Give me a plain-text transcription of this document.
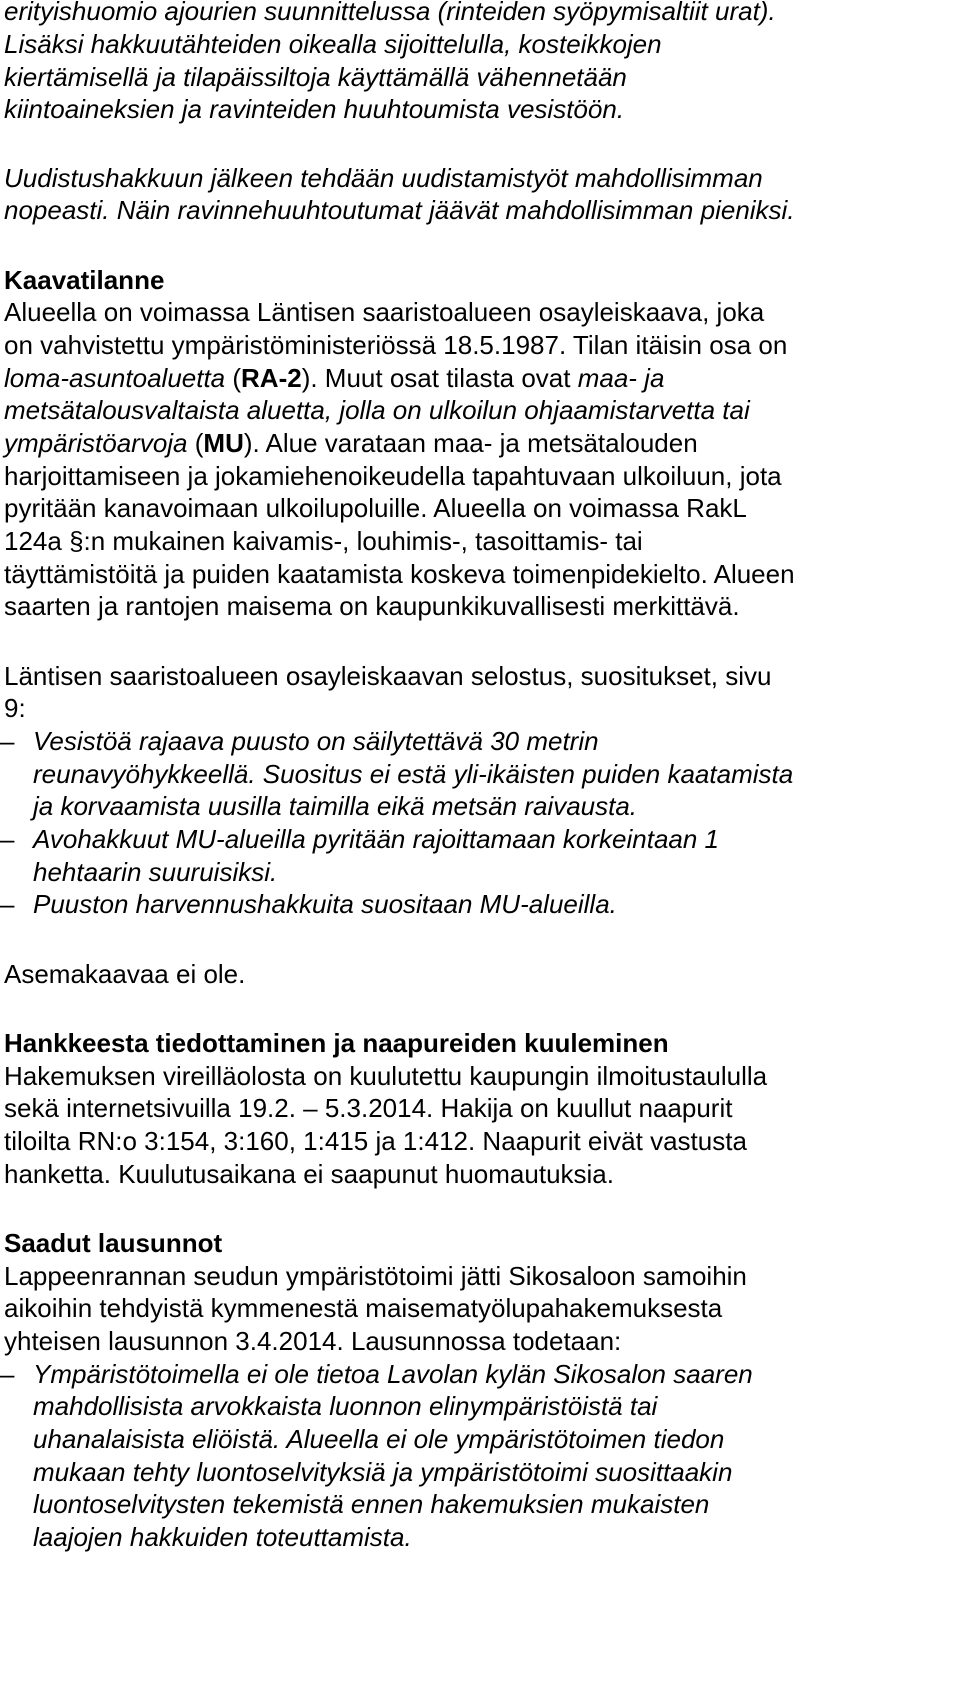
erityishuomio ajourien suunnittelussa (rinteiden syöpymisaltiit urat).

Lisäksi hakkuutähteiden oikealla sijoittelulla, kosteikkojen

kiertämisellä ja tilapäissiltoja käyttämällä vähennetään

kiintoaineksien ja ravinteiden huuhtoumista vesistöön.

Uudistushakkuun jälkeen tehdään uudistamistyöt mahdollisimman

nopeasti. Näin ravinnehuuhtoutumat jäävät mahdollisimman pieniksi.

Kaavatilanne

Alueella on voimassa Läntisen saaristoalueen osayleiskaava, joka

on vahvistettu ympäristöministeriössä 18.5.1987. Tilan itäisin osa on

loma-asuntoaluetta (RA-2). Muut osat tilasta ovat maa- ja

metsätalousvaltaista aluetta, jolla on ulkoilun ohjaamistarvetta tai

ympäristöarvoja (MU). Alue varataan maa- ja metsätalouden

harjoittamiseen ja jokamiehenoikeudella tapahtuvaan ulkoiluun, jota

pyritään kanavoimaan ulkoilupoluille. Alueella on voimassa RakL

124a §:n mukainen kaivamis-, louhimis-, tasoittamis- tai

täyttämistöitä ja puiden kaatamista koskeva toimenpidekielto. Alueen

saarten ja rantojen maisema on kaupunkikuvallisesti merkittävä.

Läntisen saaristoalueen osayleiskaavan selostus, suositukset, sivu

9:

– Vesistöä rajaava puusto on säilytettävä 30 metrin

reunavyöhykkeellä. Suositus ei estä yli-ikäisten puiden kaatamista

ja korvaamista uusilla taimilla eikä metsän raivausta.

– Avohakkuut MU-alueilla pyritään rajoittamaan korkeintaan 1

hehtaarin suuruisiksi.

– Puuston harvennushakkuita suositaan MU-alueilla.

Asemakaavaa ei ole.

Hankkeesta tiedottaminen ja naapureiden kuuleminen

Hakemuksen vireilläolosta on kuulutettu kaupungin ilmoitustaululla

sekä internetsivuilla 19.2. – 5.3.2014. Hakija on kuullut naapurit

tiloilta RN:o 3:154, 3:160, 1:415 ja 1:412. Naapurit eivät vastusta

hanketta. Kuulutusaikana ei saapunut huomautuksia.

Saadut lausunnot

Lappeenrannan seudun ympäristötoimi jätti Sikosaloon samoihin

aikoihin tehdyistä kymmenestä maisematyölupahakemuksesta

yhteisen lausunnon 3.4.2014. Lausunnossa todetaan:

– Ympäristötoimella ei ole tietoa Lavolan kylän Sikosalon saaren

mahdollisista arvokkaista luonnon elinympäristöistä tai

uhanalaisista eliöistä. Alueella ei ole ympäristötoimen tiedon

mukaan tehty luontoselvityksiä ja ympäristötoimi suosittaakin

luontoselvitysten tekemistä ennen hakemuksien mukaisten

laajojen hakkuiden toteuttamista.
